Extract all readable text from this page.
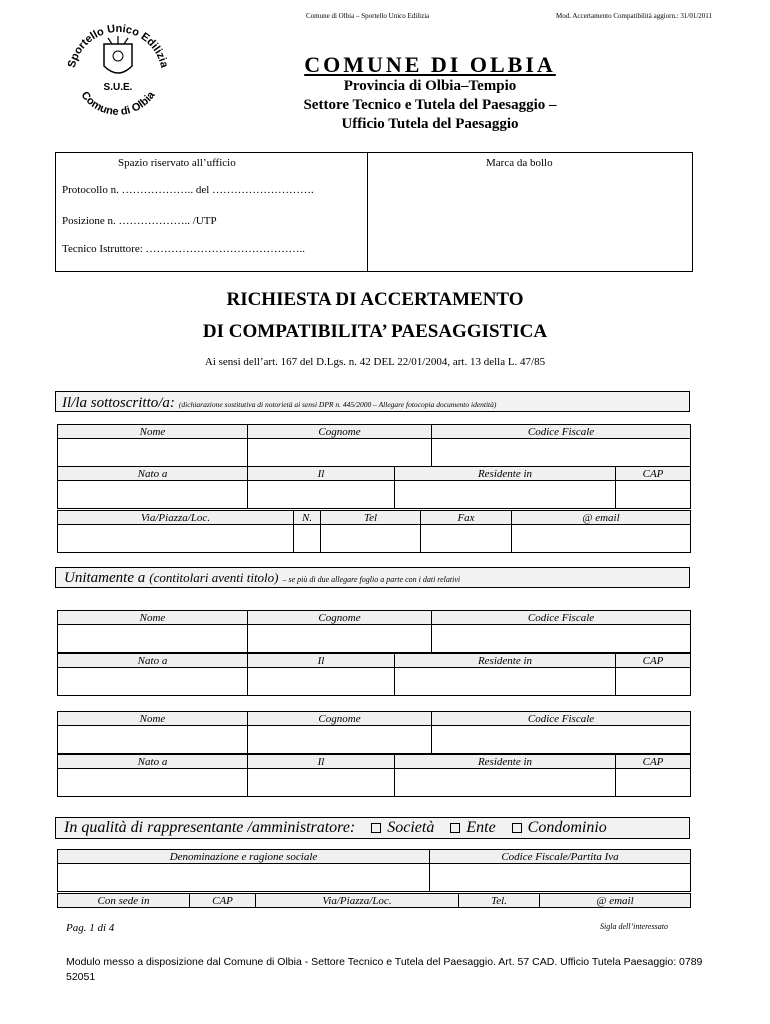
Comune di Olbia – Sportello Unico Edilizia	Mod. Accertamento Compatibilità aggiorn.: 31/01/2011
Sportello Unico Edilizia
Comune di Olbia
S.U.E.
COMUNE DI OLBIA
Provincia di Olbia–Tempio
Settore Tecnico e Tutela del Paesaggio –
Ufficio Tutela del Paesaggio
Spazio riservato all’ufficio	Marca da bollo
Protocollo n. ……………….. del ……………………….
Posizione n. ……………….. /UTP
Tecnico Istruttore: ……………………………………..
RICHIESTA DI ACCERTAMENTO
DI COMPATIBILITA’ PAESAGGISTICA
Ai sensi dell’art. 167 del D.Lgs. n. 42 DEL 22/01/2004, art. 13 della L. 47/85
Il/la sottoscritto/a: (dichiarazione sostitutiva di notorietà ai sensi DPR n. 445/2000 – Allegare fotocopia documento identità)
Nome	Cognome	Codice Fiscale

Nato a	Il	Residente in	CAP

Via/Piazza/Loc.	N.	Tel	Fax	@ email

Unitamente a (contitolari aventi titolo) – se più di due allegare foglio a parte con i dati relativi
Nome	Cognome	Codice Fiscale

Nato a	Il	Residente in	CAP

Nome	Cognome	Codice Fiscale

Nato a	Il	Residente in	CAP

In qualità di rappresentante /amministratore: Società Ente Condominio
Denominazione e ragione sociale	Codice Fiscale/Partita Iva

Con sede in	CAP	Via/Piazza/Loc.	Tel.	@ email
Pag. 1 di 4	Sigla dell’interessato
Modulo messo a disposizione dal Comune di Olbia - Settore Tecnico e Tutela del Paesaggio. Art. 57 CAD. Ufficio Tutela Paesaggio: 0789 52051
